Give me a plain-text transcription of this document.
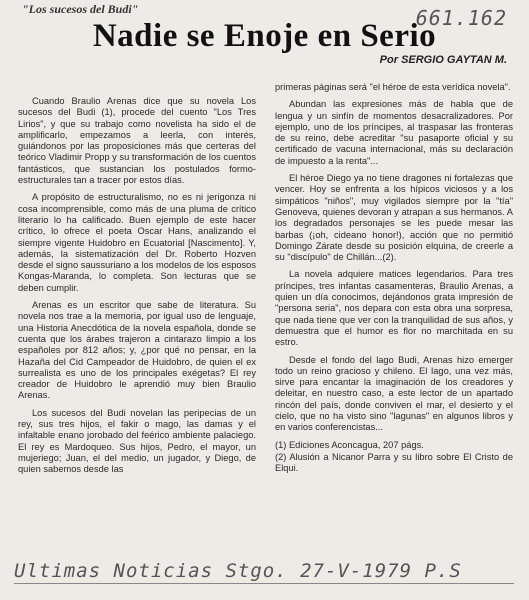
"Los sucesos del Budi"	661.162
Nadie se Enoje en Serio
Por SERGIO GAYTAN M.

Cuando Braulio Arenas dice que su novela Los sucesos del Budi (1), procede del cuento "Los Tres Lirios", y que su trabajo como novelista ha sido el de amplificarlo, empezamos a leerla, con interés, guiándonos por las proposiciones más que certeras del teórico Vladimir Propp y su transformación de los cuentos fantásticos, que sustancian los postulados formo-estructurales tan a tracer por estos días.

A propósito de estructuralismo, no es ni jerigonza ni cosa incomprensible, como más de una pluma de crítico literario lo ha calificado. Buen ejemplo de este hacer crítico, lo ofrece el poeta Oscar Hans, analizando el siempre vigente Huidobro en Ecuatorial [Nascimento]. Y, además, la sistematización del Dr. Roberto Hozven desde el signo saussuriano a los modelos de los esposos Kongas-Maranda, lo completa. Son lecturas que se deben cumplir.

Arenas es un escritor que sabe de literatura. Su novela nos trae a la memoria, por igual uso de lenguaje, una Historia Anecdótica de la novela española, donde se cuenta que los árabes trajeron a cintarazo limpio a los españoles por 812 años; y, ¿por qué no pensar, en la Hazaña del Cid Campeador de Huidobro, de quien el ex surrealista es uno de los principales exégetas? El rey creador de Huidobro le aprendió muy bien Braulio Arenas.

Los sucesos del Budi novelan las peripecias de un rey, sus tres hijos, el fakir o mago, las damas y el infaltable enano jorobado del feérico ambiente palaciego. El rey es Mardoqueo. Sus hijos, Pedro, el mayor, un mujeriego; Juan, el del medio, un jugador, y Diego, de quien sabemos desde las

primeras páginas será "el héroe de esta verídica novela".

Abundan las expresiones más de habla que de lengua y un sinfín de momentos desacralizadores. Por ejemplo, uno de los príncipes, al traspasar las fronteras de su reino, debe acreditar "su pasaporte oficial y su certificado de vacuna internacional, más su declaración de impuesto a la renta"...

El héroe Diego ya no tiene dragones ni fortalezas que vencer. Hoy se enfrenta a los hípicos viciosos y a los simpáticos "niños", muy vigilados siempre por la "tía" Genoveva, quienes devoran y atrapan a sus hermanos. A los degradados personajes se les puede mesar las barbas (¡oh, cideano honor!), acción que no permitió Domingo Zárate desde su posición elquina, de creerle a su "discípulo" de Chillán...(2).

La novela adquiere matices legendarios. Para tres príncipes, tres infantas casamenteras, Braulio Arenas, a quien un día conocimos, dejándonos grata impresión de "persona seria", nos depara con esta obra una sorpresa, que nada tiene que ver con la tranquilidad de sus años, y demuestra que el humor es flor no marchitada en su estro.

Desde el fondo del lago Budi, Arenas hizo emerger todo un reino gracioso y chileno. El lago, una vez más, sirve para encantar la imaginación de los creadores y deleitar, en nuestro caso, a este lector de un apartado rincón del país, donde conviven el mar, el desierto y el cielo, que no ha visto sino "lagunas" en algunos libros y en varios conferencistas...

(1) Ediciones Aconcagua, 207 págs.
(2) Alusión a Nicanor Parra y su libro sobre El Cristo de Elqui.
Ultimas Noticias Stgo. 27-V-1979 P.S
